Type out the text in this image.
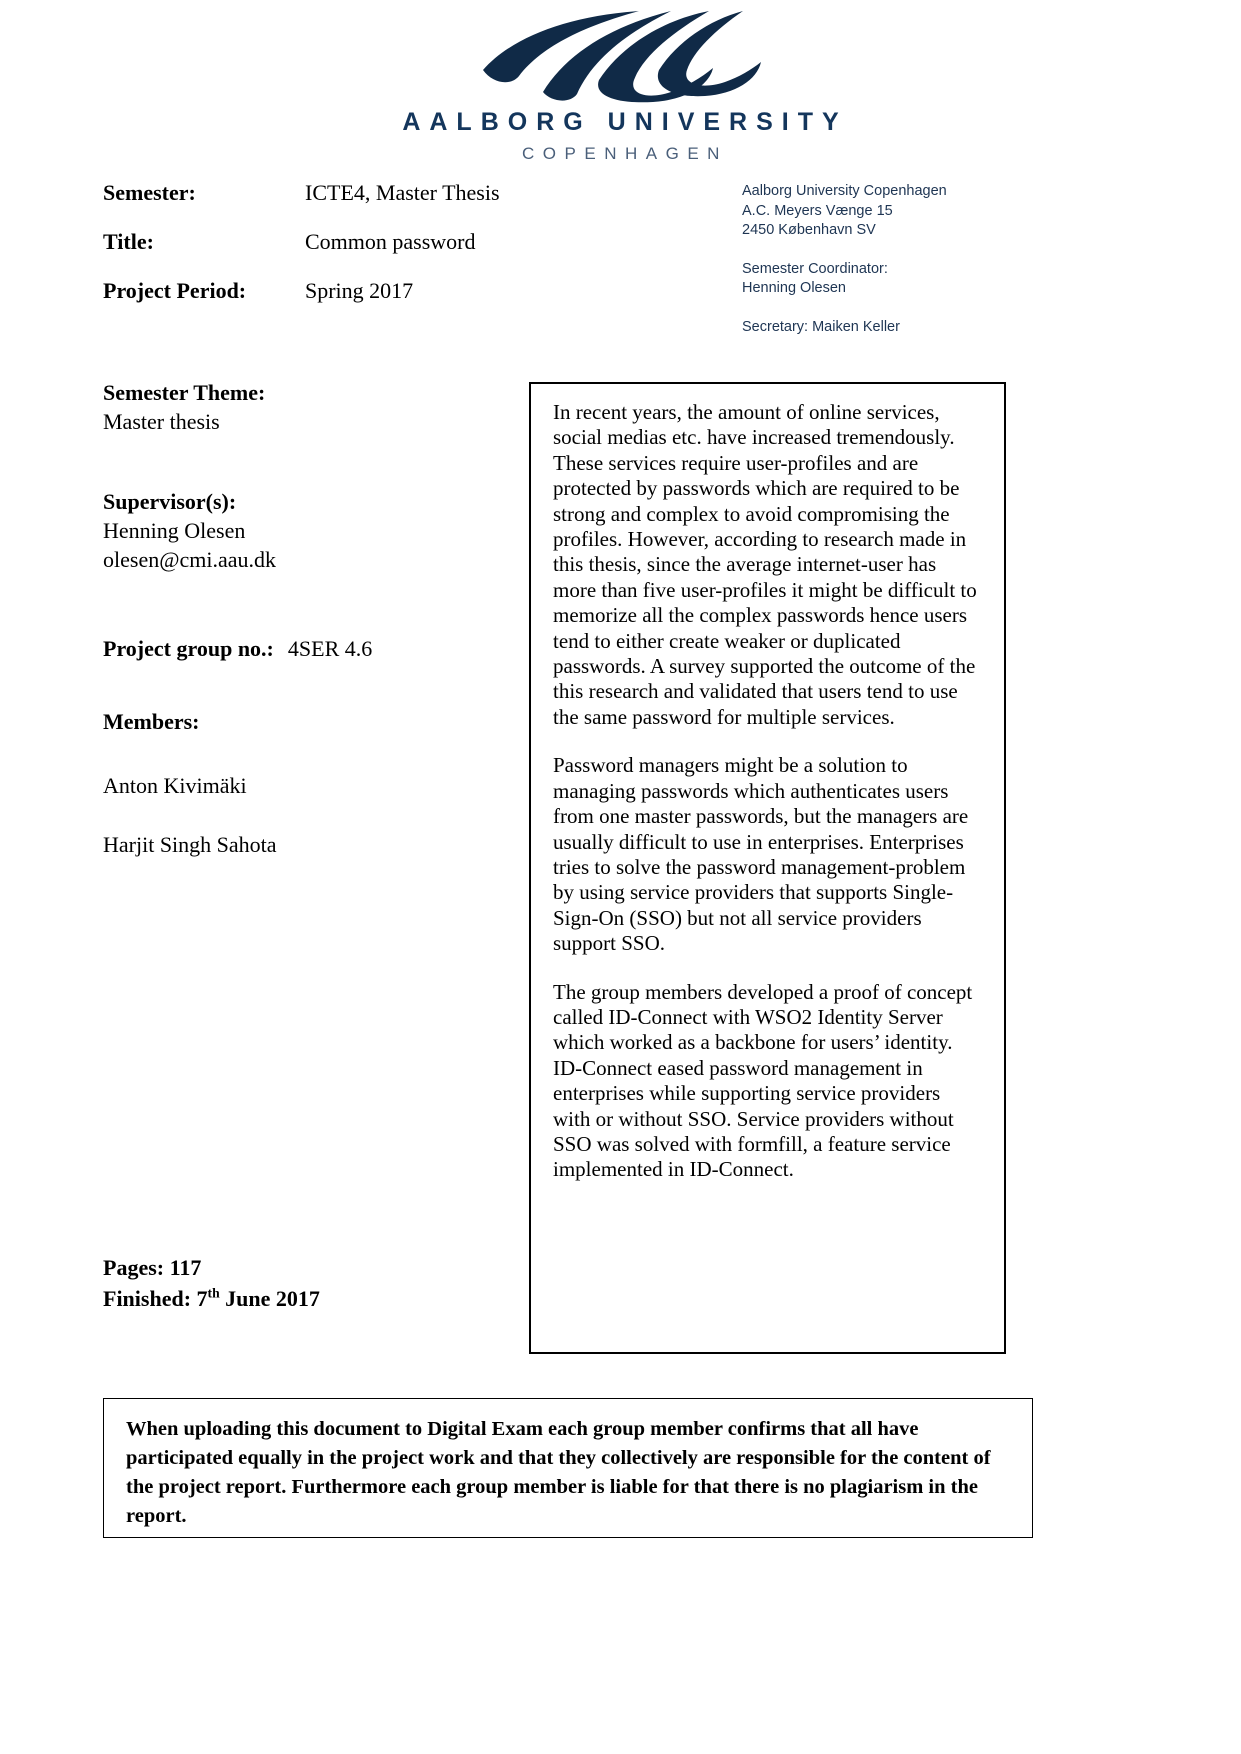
AALBORG UNIVERSITY
COPENHAGEN
Semester:	ICTE4, Master Thesis
Title:	Common password
Project Period:	Spring 2017
Aalborg University Copenhagen
A.C. Meyers Vænge 15
2450 København SV
Semester Coordinator:
Henning Olesen
Secretary: Maiken Keller
Semester Theme:
Master thesis
Supervisor(s):
Henning Olesen
olesen@cmi.aau.dk
Project group no.: 4SER 4.6
Members:
Anton Kivimäki
Harjit Singh Sahota
Pages: 117
Finished: 7th June 2017

In recent years, the amount of online services, social medias etc. have increased tremendously. These services require user-profiles and are protected by passwords which are required to be strong and complex to avoid compromising the profiles. However, according to research made in this thesis, since the average internet-user has more than five user-profiles it might be difficult to memorize all the complex passwords hence users tend to either create weaker or duplicated passwords. A survey supported the outcome of the this research and validated that users tend to use the same password for multiple services.

Password managers might be a solution to managing passwords which authenticates users from one master passwords, but the managers are usually difficult to use in enterprises. Enterprises tries to solve the password management-problem by using service providers that supports Single-Sign-On (SSO) but not all service providers support SSO.

The group members developed a proof of concept called ID-Connect with WSO2 Identity Server which worked as a backbone for users’ identity.

ID-Connect eased password management in enterprises while supporting service providers with or without SSO. Service providers without SSO was solved with formfill, a feature service implemented in ID-Connect.

When uploading this document to Digital Exam each group member confirms that all have participated equally in the project work and that they collectively are responsible for the content of the project report. Furthermore each group member is liable for that there is no plagiarism in the report.
